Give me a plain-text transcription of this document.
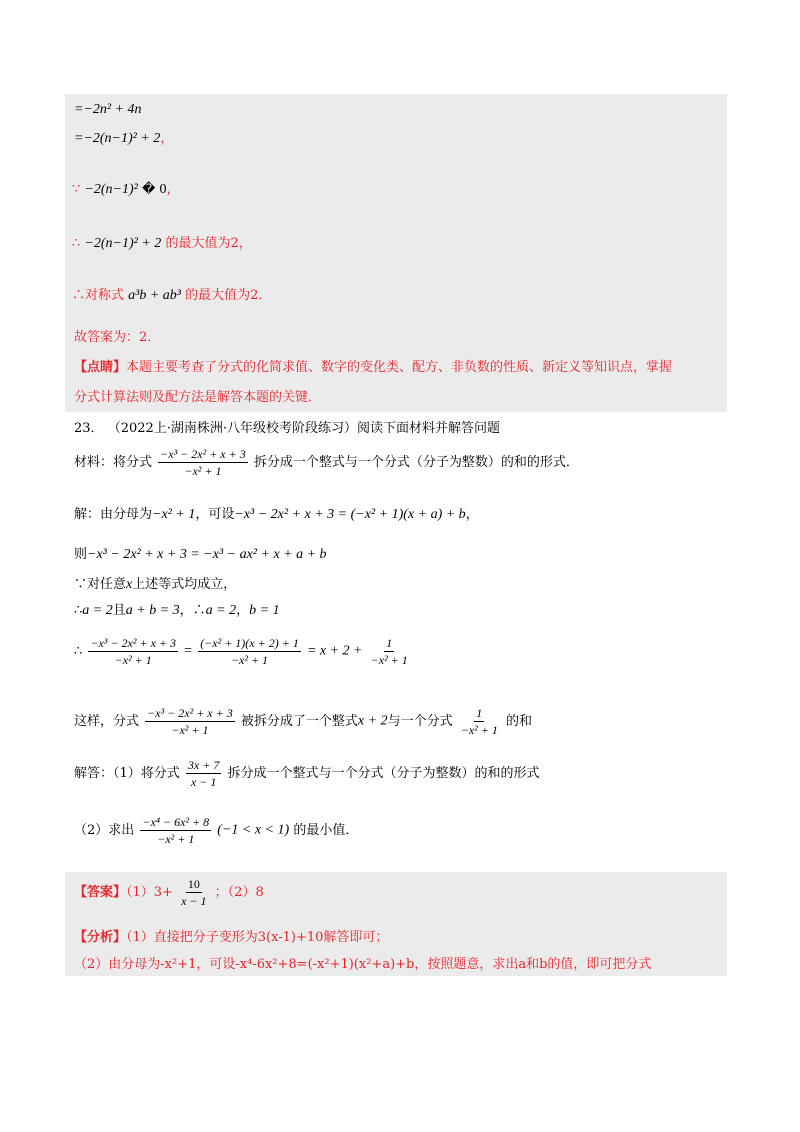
=−2n² + 4n
=−2(n−1)² + 2，
∵ −2(n−1)² � 0，
∴ −2(n−1)² + 2 的最大值为2，
∴对称式 a³b + ab³ 的最大值为2．
故答案为：2．
【点睛】本题主要考查了分式的化简求值、数字的变化类、配方、非负数的性质、新定义等知识点，掌握
分式计算法则及配方法是解答本题的关键．
23． （2022上·湖南株洲·八年级校考阶段练习）阅读下面材料并解答问题
材料：将分式 $\frac{\text{−x³ − 2x² + x + 3}}{\text{−x² + 1}}$ 拆分成一个整式与一个分式（分子为整数）的和的形式．
解：由分母为−x² + 1，可设−x³ − 2x² + x + 3 = (−x² + 1)(x + a) + b，
则−x³ − 2x² + x + 3 = −x³ − ax² + x + a + b
∵对任意x上述等式均成立，
∴a = 2且a + b = 3，∴a = 2，b = 1
∴ $\frac{\text{−x³ − 2x² + x + 3}}{\text{−x² + 1}} = \frac{\text{(−x² + 1)(x + 2) + 1}}{\text{−x² + 1}} = x + 2 + \frac{1}{\text{−x² + 1}}$
这样，分式 $\frac{\text{−x³ − 2x² + x + 3}}{\text{−x² + 1}}$ 被拆分成了一个整式x + 2与一个分式 $\frac{1}{\text{−x² + 1}}$ 的和
解答：（1）将分式 $\frac{3x + 7}{x - 1}$ 拆分成一个整式与一个分式（分子为整数）的和的形式
（2）求出 $\frac{\text{−x⁴ − 6x² + 8}}{\text{−x² + 1}} (-1 < x < 1)$ 的最小值．
【答案】$(1)3+ \frac{10}{x - 1}$ ；（2）8
【分析】（1）直接把分子变形为3(x-1)+10解答即可；
（2）由分母为-x²+1，可设-x⁴-6x²+8=(-x²+1)(x²+a)+b，按照题意，求出a和b的值，即可把分式
